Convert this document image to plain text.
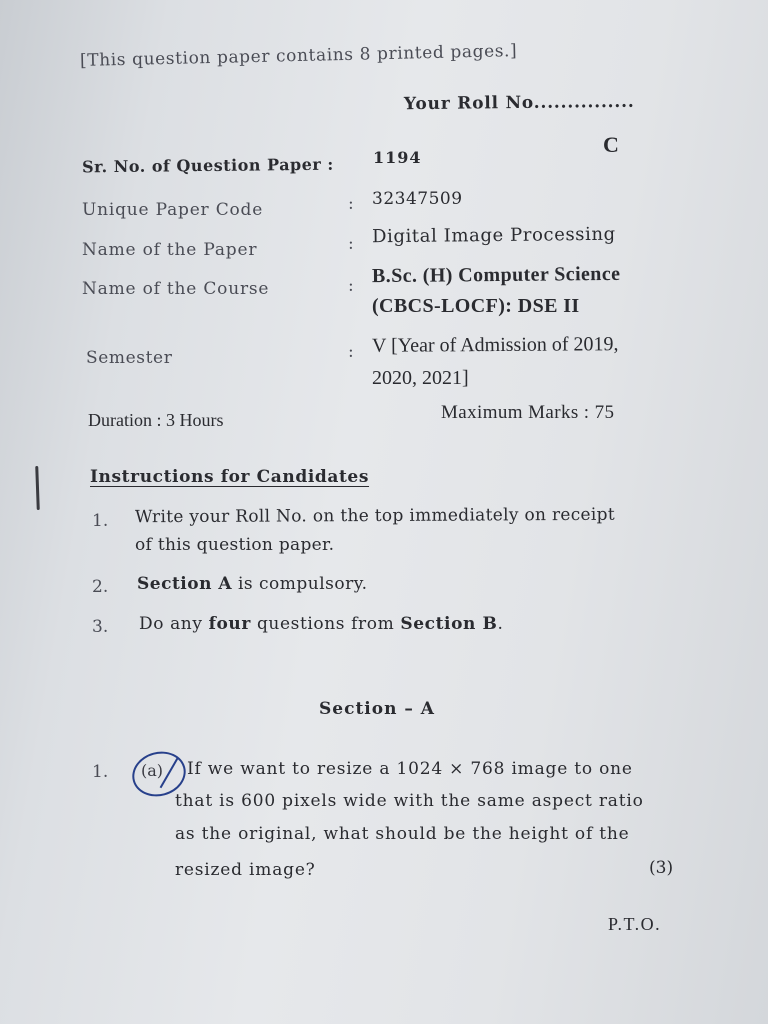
[This question paper contains 8 printed pages.]
Your Roll No...............
C
Sr. No. of Question Paper : 1194
Unique Paper Code	: 32347509
Name of the Paper	: Digital Image Processing
Name of the Course	: B.Sc. (H) Computer Science
(CBCS-LOCF): DSE II
Semester	: V [Year of Admission of 2019,
2020, 2021]
Duration : 3 Hours	Maximum Marks : 75
Instructions for Candidates
1. Write your Roll No. on the top immediately on receipt
of this question paper.
2. Section A is compulsory.
3. Do any four questions from Section B.
Section – A
1. (a) If we want to resize a 1024 × 768 image to one
that is 600 pixels wide with the same aspect ratio
as the original, what should be the height of the
resized image?	(3)
P.T.O.
